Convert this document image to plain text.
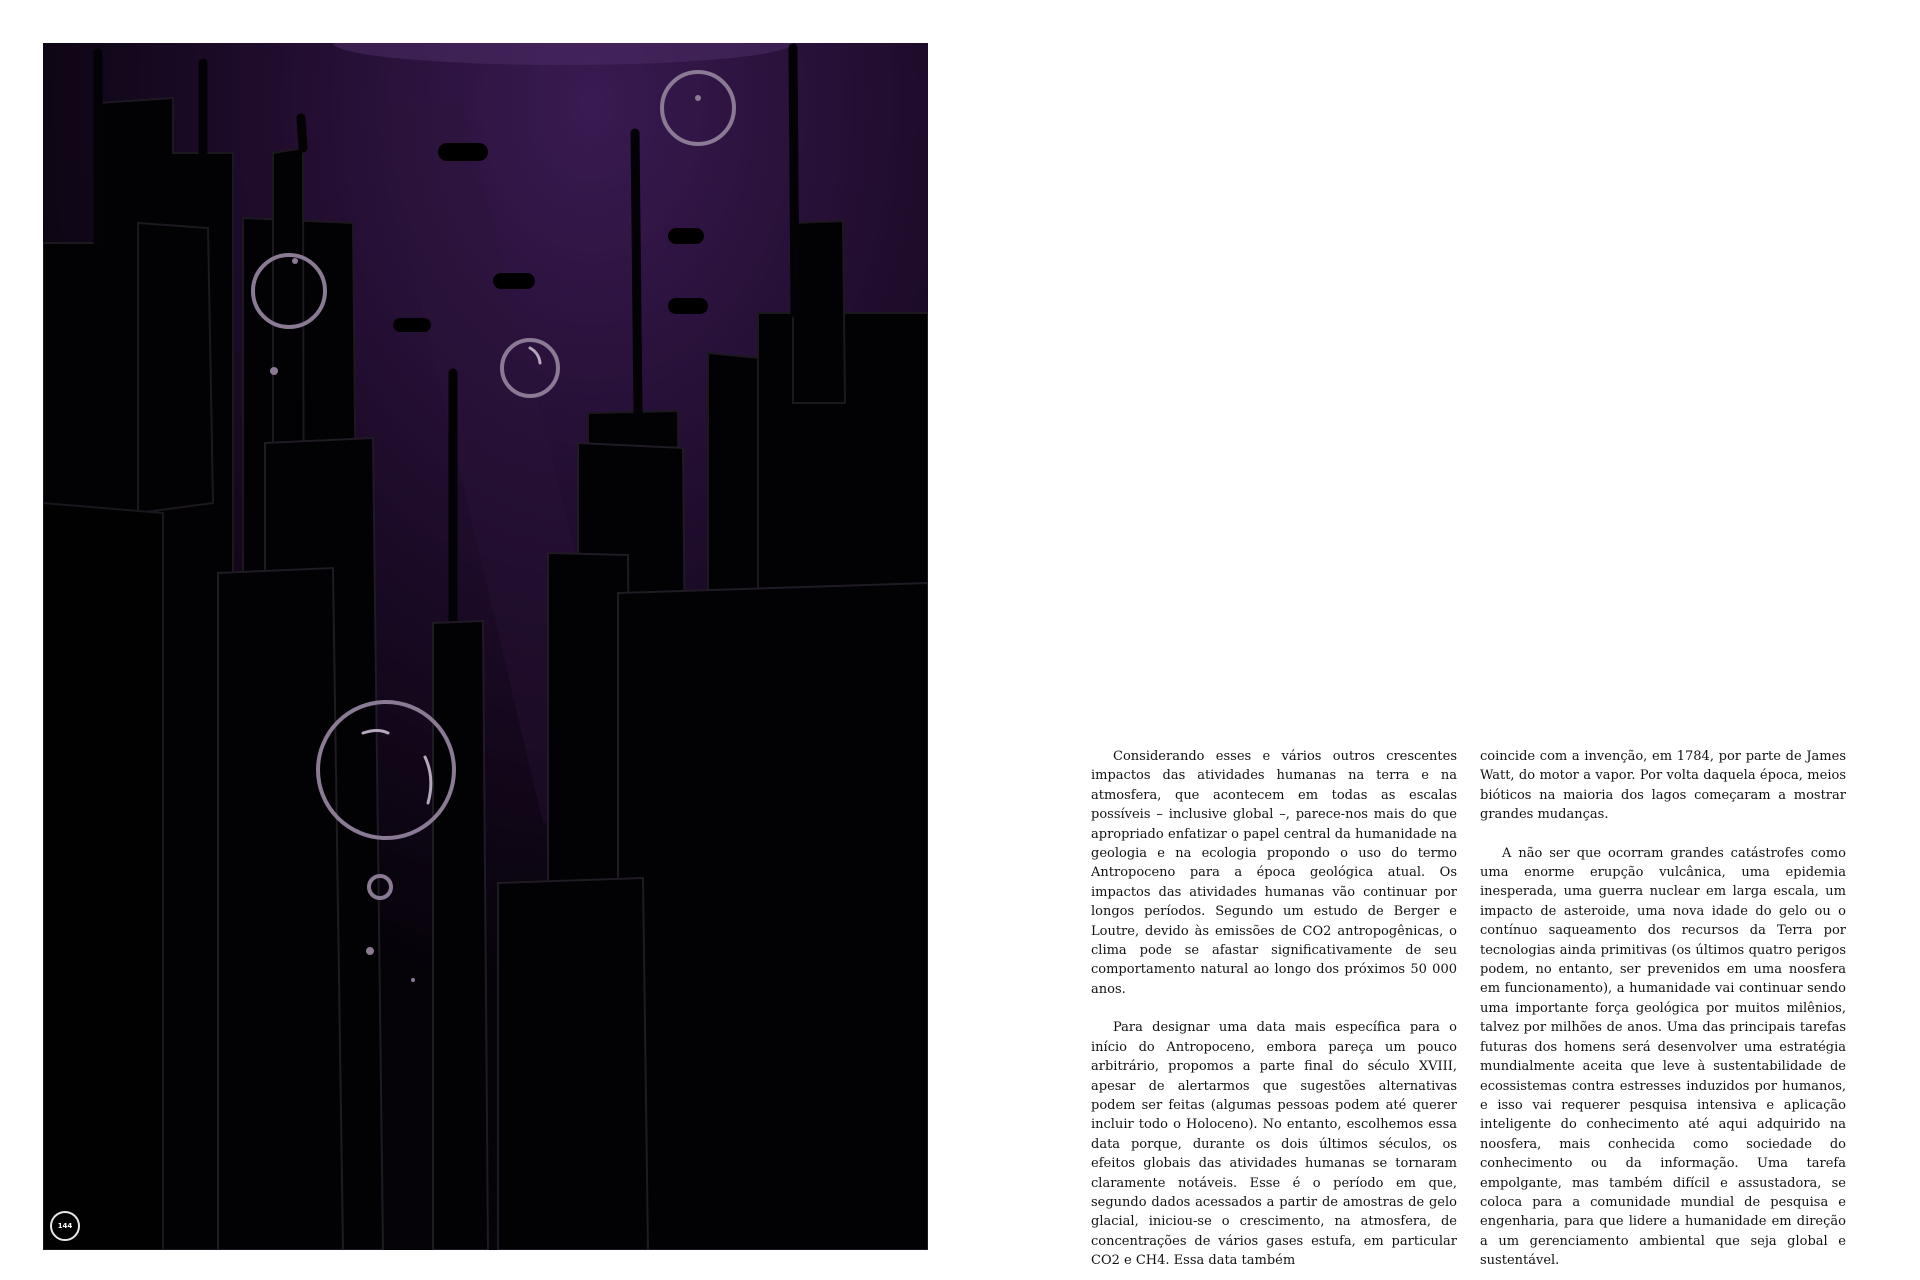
144

Considerando esses e vários outros crescentes impactos das atividades humanas na terra e na atmosfera, que acontecem em todas as escalas possíveis – inclusive global –, parece-nos mais do que apropriado enfatizar o papel central da humanidade na geologia e na ecologia propondo o uso do termo Antropoceno para a época geológica atual. Os impactos das atividades humanas vão continuar por longos períodos. Segundo um estudo de Berger e Loutre, devido às emissões de CO2 antropogênicas, o clima pode se afastar significativamente de seu comportamento natural ao longo dos próximos 50 000 anos.

Para designar uma data mais específica para o início do Antropoceno, embora pareça um pouco arbitrário, propomos a parte final do século XVIII, apesar de alertarmos que sugestões alternativas podem ser feitas (algumas pessoas podem até querer incluir todo o Holoceno). No entanto, escolhemos essa data porque, durante os dois últimos séculos, os efeitos globais das atividades humanas se tornaram claramente notáveis. Esse é o período em que, segundo dados acessados a partir de amostras de gelo glacial, iniciou-se o crescimento, na atmosfera, de concentrações de vários gases estufa, em particular CO2 e CH4. Essa data também

coincide com a invenção, em 1784, por parte de James Watt, do motor a vapor. Por volta daquela época, meios bióticos na maioria dos lagos começaram a mostrar grandes mudanças.

A não ser que ocorram grandes catástrofes como uma enorme erupção vulcânica, uma epidemia inesperada, uma guerra nuclear em larga escala, um impacto de asteroide, uma nova idade do gelo ou o contínuo saqueamento dos recursos da Terra por tecnologias ainda primitivas (os últimos quatro perigos podem, no entanto, ser prevenidos em uma noosfera em funcionamento), a humanidade vai continuar sendo uma importante força geológica por muitos milênios, talvez por milhões de anos. Uma das principais tarefas futuras dos homens será desenvolver uma estratégia mundialmente aceita que leve à sustentabilidade de ecossistemas contra estresses induzidos por humanos, e isso vai requerer pesquisa intensiva e aplicação inteligente do conhecimento até aqui adquirido na noosfera, mais conhecida como sociedade do conhecimento ou da informação. Uma tarefa empolgante, mas também difícil e assustadora, se coloca para a comunidade mundial de pesquisa e engenharia, para que lidere a humanidade em direção a um gerenciamento ambiental que seja global e sustentável.
